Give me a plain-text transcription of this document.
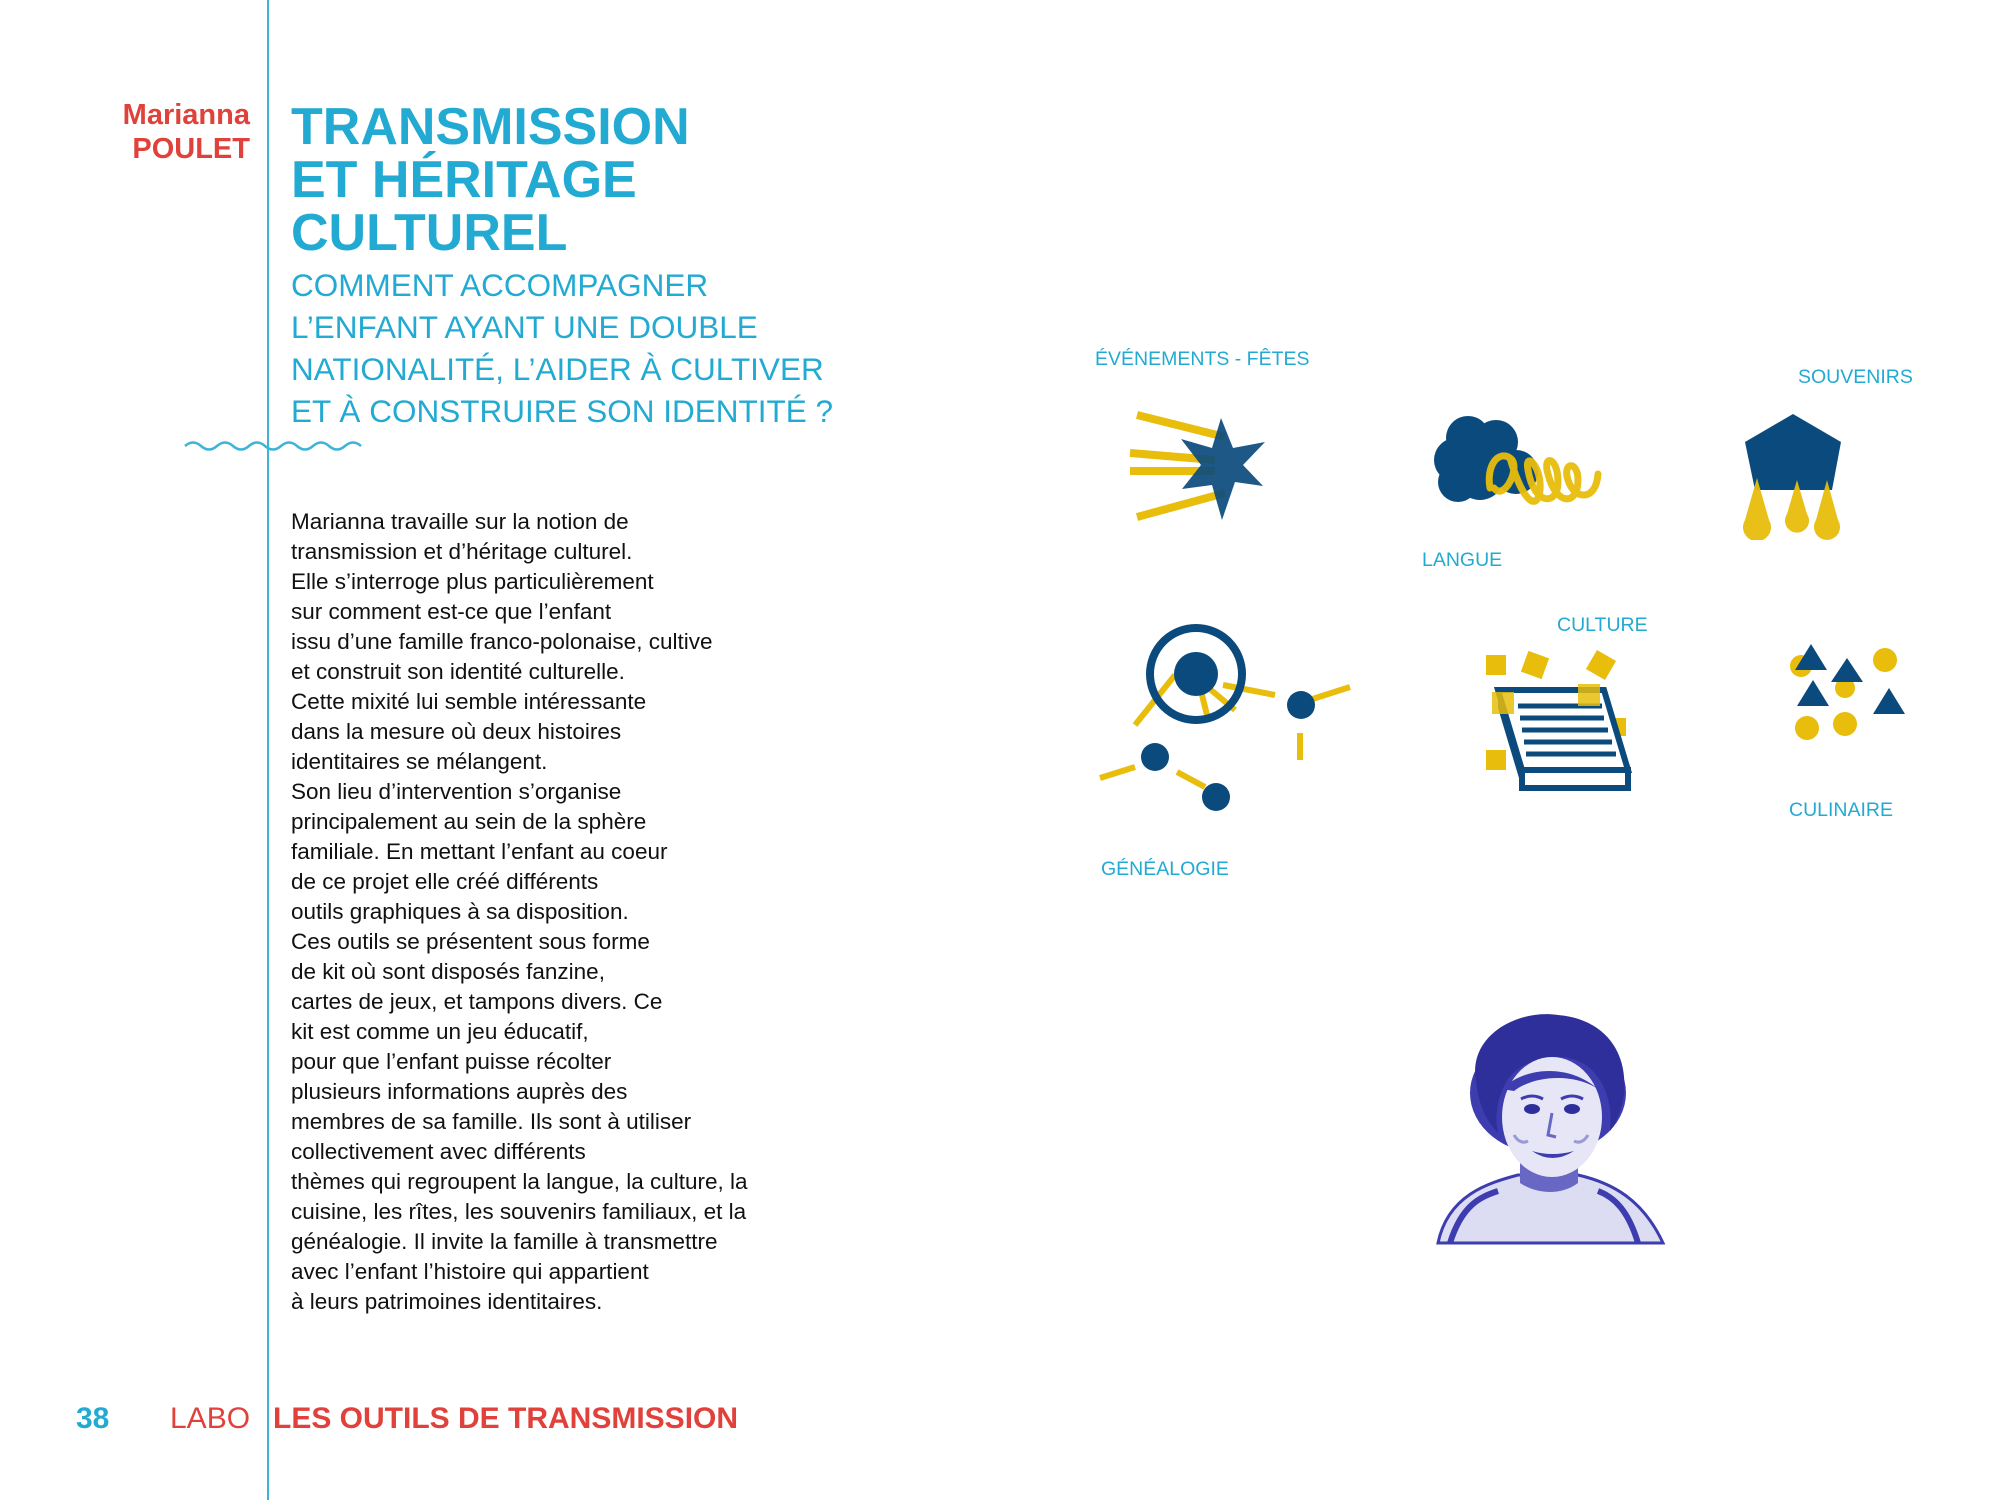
Marianna
POULET TRANSMISSION
ET HÉRITAGE
CULTUREL
COMMENT ACCOMPAGNER
L’ENFANT AYANT UNE DOUBLE
NATIONALITÉ, L’AIDER À CULTIVER
ET À CONSTRUIRE SON IDENTITÉ ?
Marianna travaille sur la notion de
transmission et d’héritage culturel.
Elle s’interroge plus particulièrement
sur comment est-ce que l’enfant
issu d’une famille franco-polonaise, cultive
et construit son identité culturelle.
Cette mixité lui semble intéressante
dans la mesure où deux histoires
identitaires se mélangent.
Son lieu d’intervention s’organise
principalement au sein de la sphère
familiale. En mettant l’enfant au coeur
de ce projet elle créé différents
outils graphiques à sa disposition.
Ces outils se présentent sous forme
de kit où sont disposés fanzine,
cartes de jeux, et tampons divers. Ce
kit est comme un jeu éducatif,
pour que l’enfant puisse récolter
plusieurs informations auprès des
membres de sa famille. Ils sont à utiliser
collectivement avec différents
thèmes qui regroupent la langue, la culture, la
cuisine, les rîtes, les souvenirs familiaux, et la
généalogie. Il invite la famille à transmettre
avec l’enfant l’histoire qui appartient
à leurs patrimoines identitaires.
ÉVÉNEMENTS - FÊTES
SOUVENIRS
LANGUE
CULTURE
GÉNÉALOGIE
CULINAIRE
38 LABO LES OUTILS DE TRANSMISSION
